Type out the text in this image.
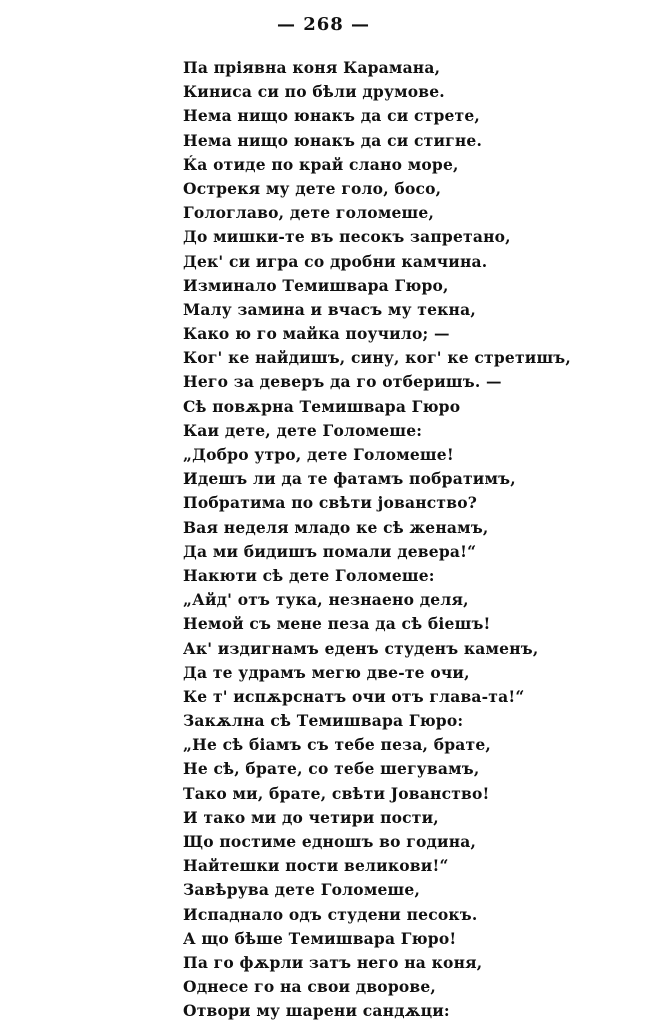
— 268 —
Па пріявна коня Карамана,
Киниса си по бѣли друмове.
Нема нищо юнакъ да си стрете,
Нема нищо юнакъ да си стигне.
Ќа отиде по край слано море,
Острекя му дете голо, босо,
Гологлаво, дете голомеше,
До мишки-те въ песокъ запретано,
Дек' си игра со дробни камчина.
Изминало Темишвара Гюро,
Малу замина и вчасъ му текна,
Како ю го майка поучило; —
Ког' ке найдишъ, сину, ког' ке стретишъ,
Него за деверъ да го отберишъ. —
Сѣ повѫрна Темишвара Гюро
Каи дете, дете Голомеше:
„Добро утро, дете Голомеше!
Идешъ ли да те фатамъ побратимъ,
Побратима по свѣти јованство?
Вая неделя младо ке сѣ женамъ,
Да ми бидишъ помали девера!“
Накюти сѣ дете Голомеше:
„Айд' отъ тука, незнаено деля,
Немой съ мене пеза да сѣ біешъ!
Ак' издигнамъ еденъ студенъ каменъ,
Да те удрамъ мегю две-те очи,
Ке т' испѫрснатъ очи отъ глава-та!“
Закѫлна сѣ Темишвара Гюро:
„Не сѣ біамъ съ тебе пеза, брате,
Не сѣ, брате, со тебе шегувамъ,
Тако ми, брате, свѣти Јованство!
И тако ми до четири пости,
Що постиме едношъ во година,
Найтешки пости великови!“
Завѣрува дете Голомеше,
Испаднало одъ студени песокъ.
А що бѣше Темишвара Гюро!
Па го фѫрли затъ него на коня,
Однесе го на свои дворове,
Отвори му шарени сандѫци:
